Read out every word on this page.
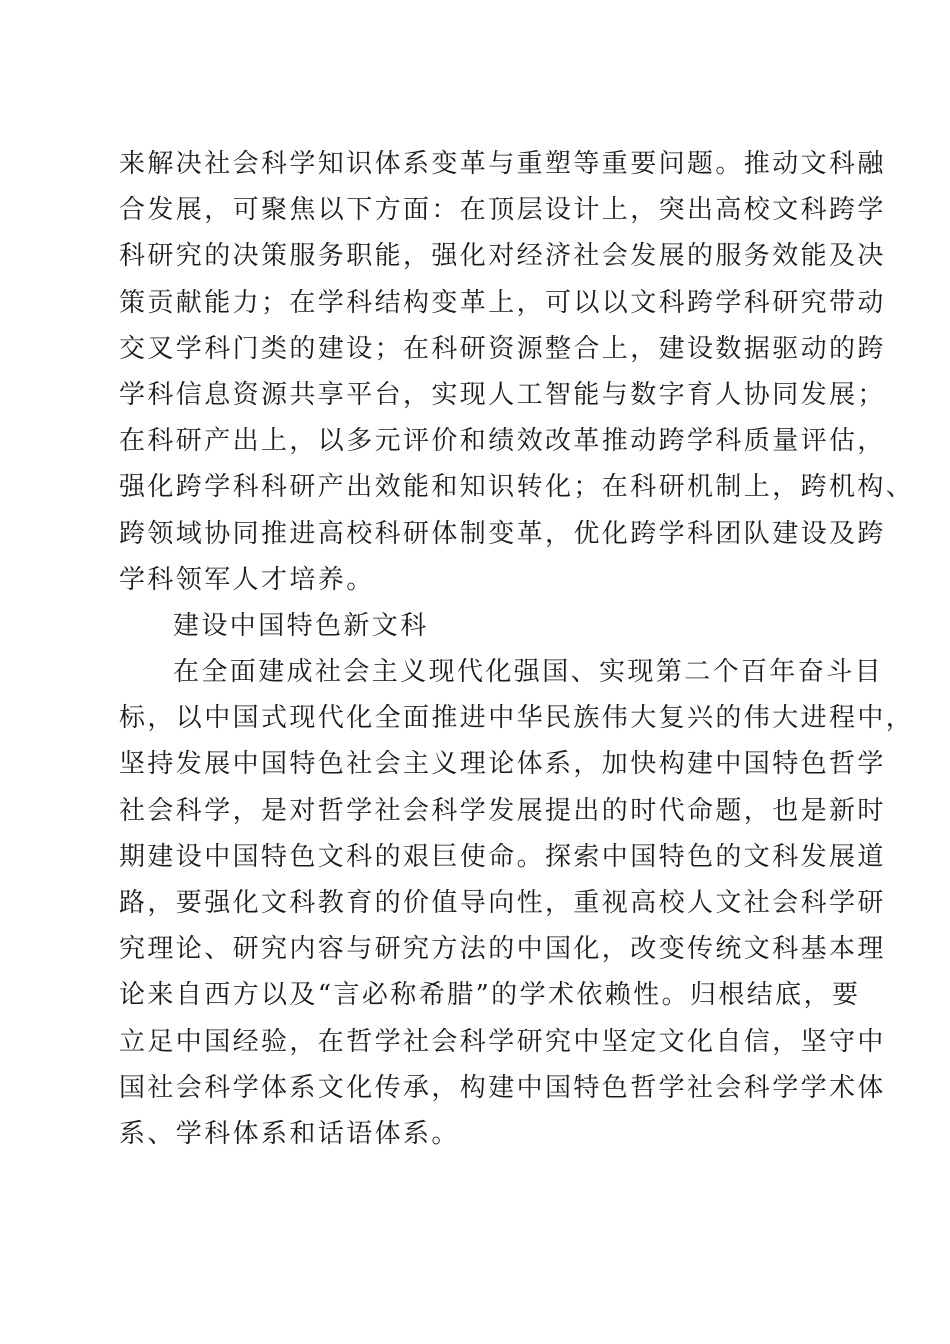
来解决社会科学知识体系变革与重塑等重要问题。推动文科融
合发展，可聚焦以下方面：在顶层设计上，突出高校文科跨学
科研究的决策服务职能，强化对经济社会发展的服务效能及决
策贡献能力；在学科结构变革上，可以以文科跨学科研究带动
交叉学科门类的建设；在科研资源整合上，建设数据驱动的跨
学科信息资源共享平台，实现人工智能与数字育人协同发展；
在科研产出上，以多元评价和绩效改革推动跨学科质量评估，
强化跨学科科研产出效能和知识转化；在科研机制上，跨机构、
跨领域协同推进高校科研体制变革，优化跨学科团队建设及跨
学科领军人才培养。
建设中国特色新文科
在全面建成社会主义现代化强国、实现第二个百年奋斗目
标，以中国式现代化全面推进中华民族伟大复兴的伟大进程中，
坚持发展中国特色社会主义理论体系，加快构建中国特色哲学
社会科学，是对哲学社会科学发展提出的时代命题，也是新时
期建设中国特色文科的艰巨使命。探索中国特色的文科发展道
路，要强化文科教育的价值导向性，重视高校人文社会科学研
究理论、研究内容与研究方法的中国化，改变传统文科基本理
论来自西方以及“言必称希腊”的学术依赖性。归根结底，要
立足中国经验，在哲学社会科学研究中坚定文化自信，坚守中
国社会科学体系文化传承，构建中国特色哲学社会科学学术体
系、学科体系和话语体系。
